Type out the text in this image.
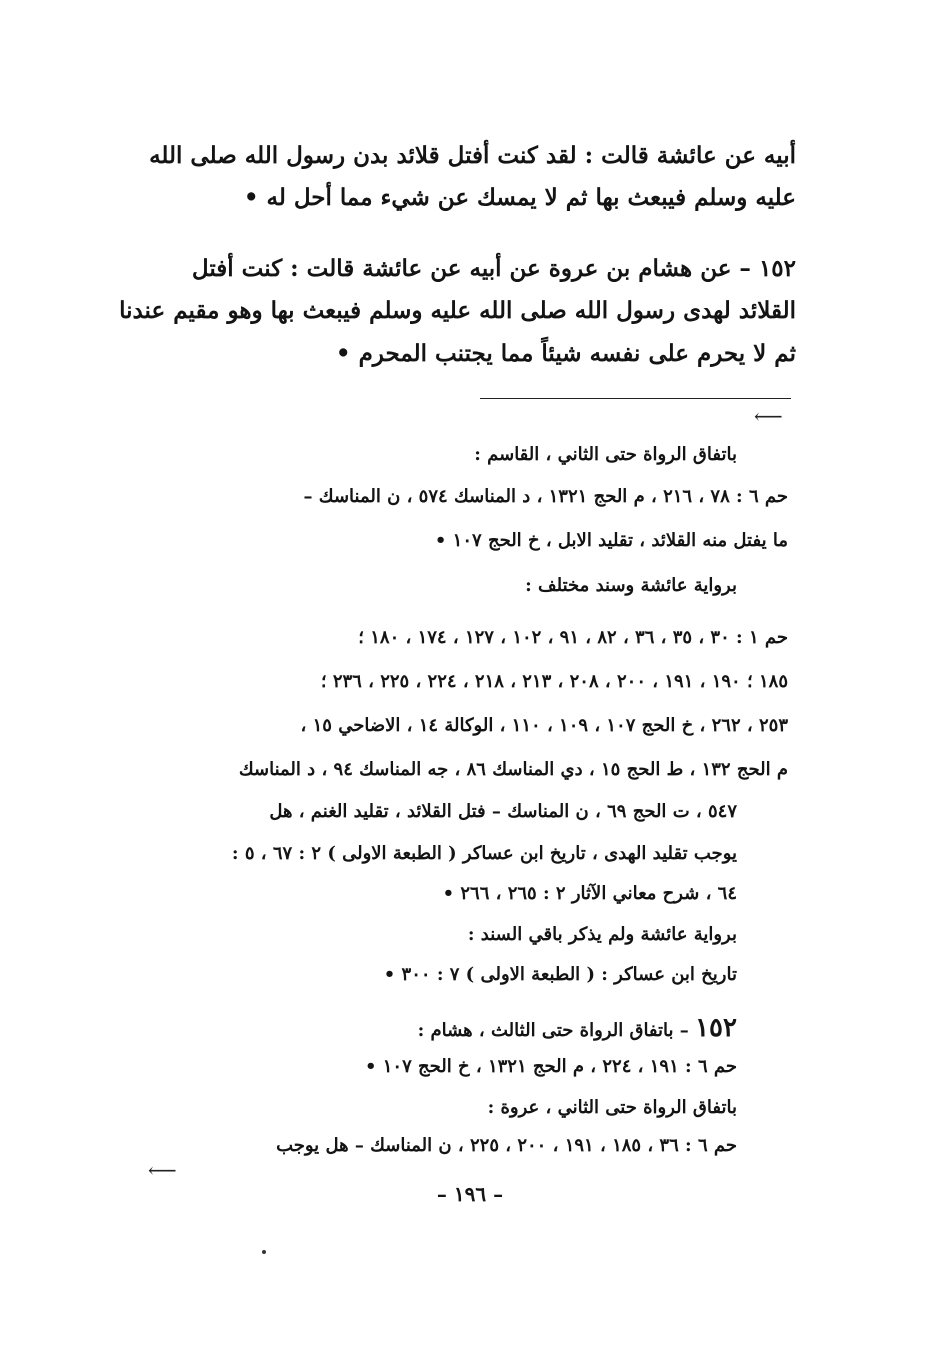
أبيه عن عائشة قالت : لقد كنت أفتل قلائد بدن رسول الله صلى الله
عليه وسلم فيبعث بها ثم لا يمسك عن شيء مما أحل له •
١٥٢ – عن هشام بن عروة عن أبيه عن عائشة قالت : كنت أفتل
القلائد لهدى رسول الله صلى الله عليه وسلم فيبعث بها وهو مقيم عندنا
ثم لا يحرم على نفسه شيئاً مما يجتنب المحرم •
⟵
باتفاق الرواة حتى الثاني ، القاسم :
حم ٦ : ٧٨ ، ٢١٦ ، م الحج ١٣٢١ ، د المناسك ٥٧٤ ، ن المناسك –
ما يفتل منه القلائد ، تقليد الابل ، خ الحج ١٠٧ •
برواية عائشة وسند مختلف :
حم ١ : ٣٠ ، ٣٥ ، ٣٦ ، ٨٢ ، ٩١ ، ١٠٢ ، ١٢٧ ، ١٧٤ ، ١٨٠ ؛
١٨٥ ؛ ١٩٠ ، ١٩١ ، ٢٠٠ ، ٢٠٨ ، ٢١٣ ، ٢١٨ ، ٢٢٤ ، ٢٢٥ ، ٢٣٦ ؛
٢٥٣ ، ٢٦٢ ، خ الحج ١٠٧ ، ١٠٩ ، ١١٠ ، الوكالة ١٤ ، الاضاحي ١٥ ،
م الحج ١٣٢ ، ط الحج ١٥ ، دي المناسك ٨٦ ، جه المناسك ٩٤ ، د المناسك
٥٤٧ ، ت الحج ٦٩ ، ن المناسك – فتل القلائد ، تقليد الغنم ، هل
يوجب تقليد الهدى ، تاريخ ابن عساكر ( الطبعة الاولى ) ٢ : ٦٧ ، ٥ :
٦٤ ، شرح معاني الآثار ٢ : ٢٦٥ ، ٢٦٦ •
برواية عائشة ولم يذكر باقي السند :
تاريخ ابن عساكر : ( الطبعة الاولى ) ٧ : ٣٠٠ •
١٥٢ – باتفاق الرواة حتى الثالث ، هشام :
حم ٦ : ١٩١ ، ٢٢٤ ، م الحج ١٣٢١ ، خ الحج ١٠٧ •
باتفاق الرواة حتى الثاني ، عروة :
حم ٦ : ٣٦ ، ١٨٥ ، ١٩١ ، ٢٠٠ ، ٢٢٥ ، ن المناسك – هل يوجب
⟵
– ١٩٦ –
